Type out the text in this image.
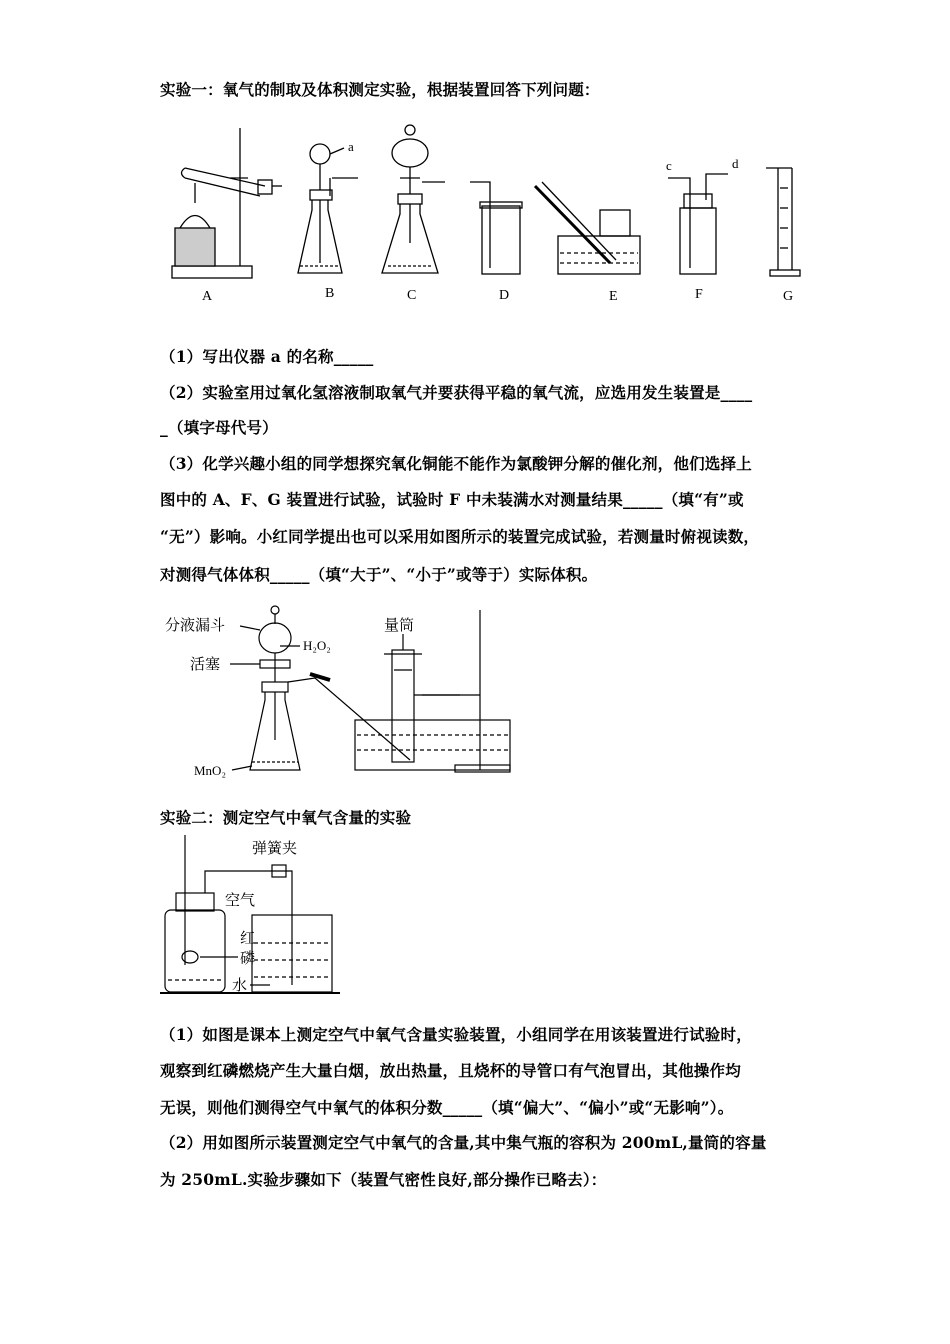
实验一：氧气的制取及体积测定实验，根据装置回答下列问题：
A	B	C	D	E	F	G
a
c	d
（1）写出仪器 a 的名称_____
（2）实验室用过氧化氢溶液制取氧气并要获得平稳的氧气流，应选用发生装置是____
_（填字母代号）
（3）化学兴趣小组的同学想探究氧化铜能不能作为氯酸钾分解的催化剂，他们选择上
图中的 A、F、G 装置进行试验，试验时 F 中未装满水对测量结果_____（填“有”或
“无”）影响。小红同学提出也可以采用如图所示的装置完成试验，若测量时俯视读数，
对测得气体体积_____（填“大于”、“小于”或等于）实际体积。
分液漏斗
H₂O₂
活塞
MnO₂
量筒
实验二：测定空气中氧气含量的实验
弹簧夹
空气
红
磷
水
（1）如图是课本上测定空气中氧气含量实验装置，小组同学在用该装置进行试验时，
观察到红磷燃烧产生大量白烟，放出热量，且烧杯的导管口有气泡冒出，其他操作均
无误，则他们测得空气中氧气的体积分数_____（填“偏大”、“偏小”或“无影响”）。
（2）用如图所示装置测定空气中氧气的含量,其中集气瓶的容积为 200mL,量筒的容量
为 250mL.实验步骤如下（装置气密性良好,部分操作已略去）：
